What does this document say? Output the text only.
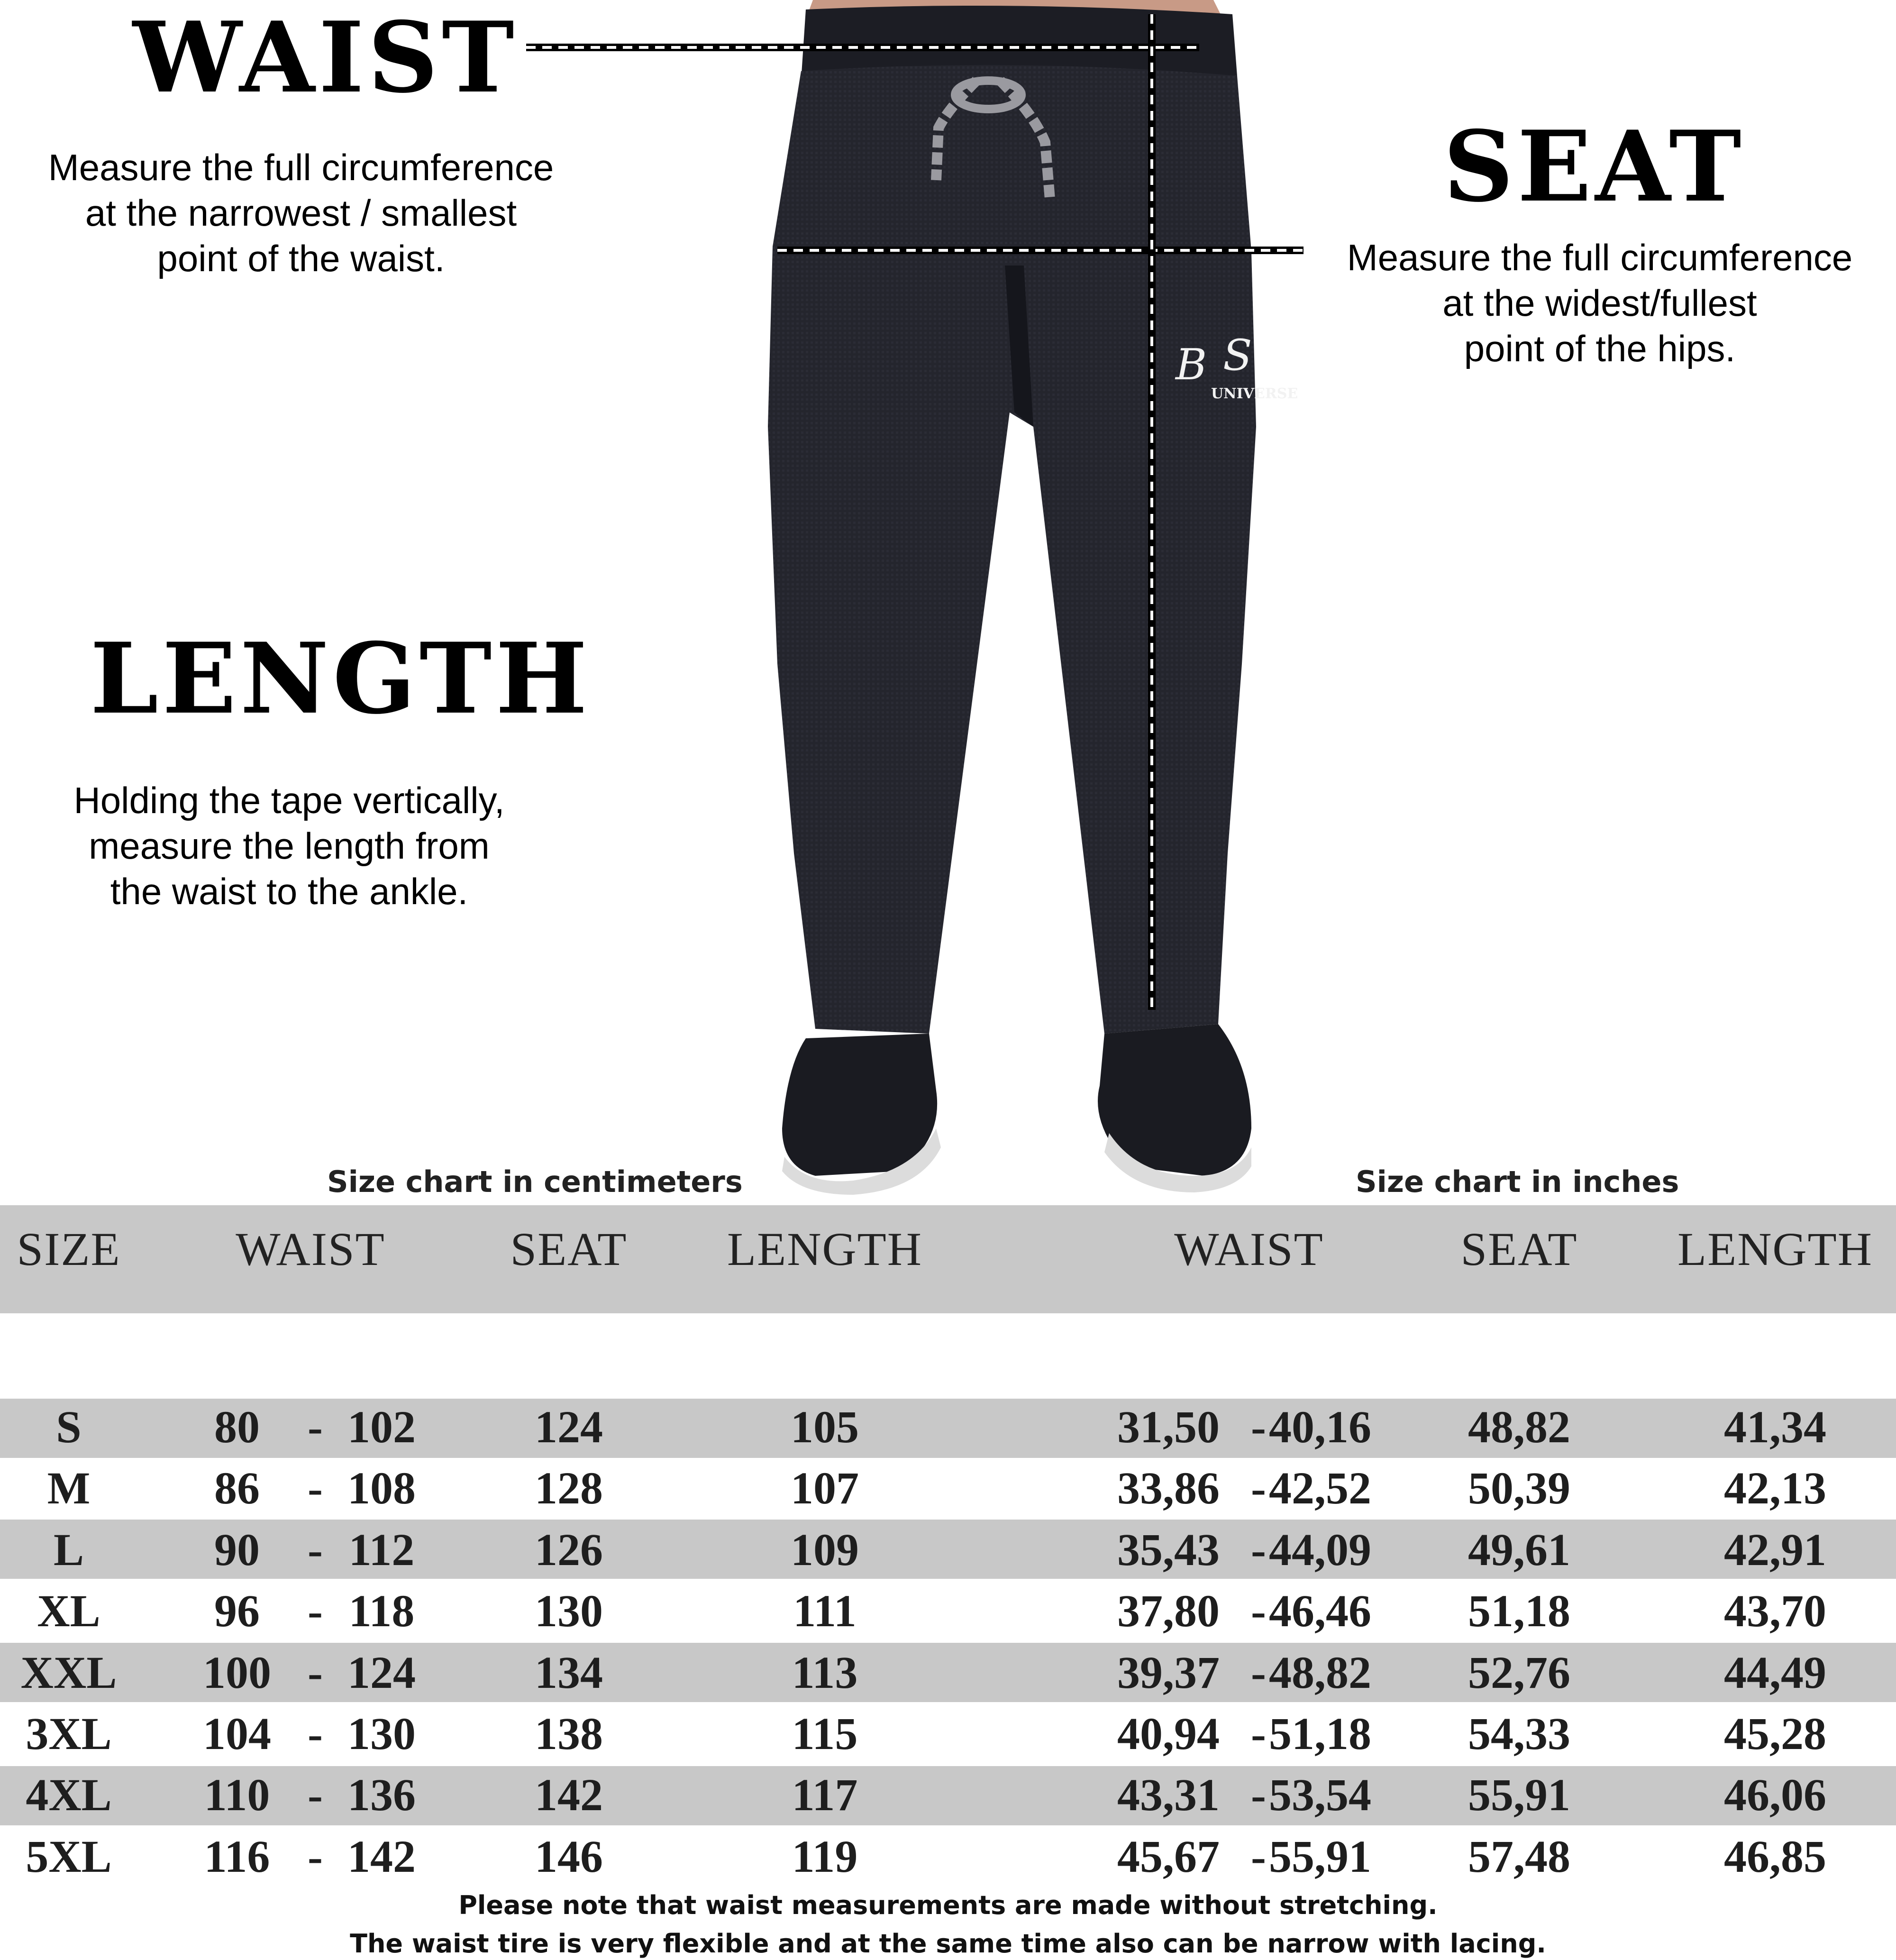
B S
UNIVERSE
WAIST
Measure the full circumference
at the narrowest / smallest
point of the waist.
SEAT
Measure the full circumference
at the widest/fullest
point of the hips.
LENGTH
Holding the tape vertically,
measure the length from
the waist to the ankle.
Size chart in centimeters	Size chart in inches
SIZE WAIST	SEAT LENGTH	WAIST	SEAT LENGTH
S	80 - 102	124	105	31,50 - 40,16 48,82	41,34
M	86 - 108	128	107	33,86 - 42,52 50,39	42,13
L	90 - 112	126	109	35,43 - 44,09 49,61	42,91
XL	96 - 118	130	111	37,80 - 46,46 51,18	43,70
XXL 100 - 124	134	113	39,37 - 48,82 52,76	44,49
3XL 104 - 130	138	115	40,94 - 51,18 54,33	45,28
4XL 110 - 136	142	117	43,31 - 53,54 55,91	46,06
5XL 116 - 142	146	119	45,67 - 55,91 57,48	46,85

Please note that waist measurements are made without stretching.

The waist tire is very flexible and at the same time also can be narrow with lacing.
